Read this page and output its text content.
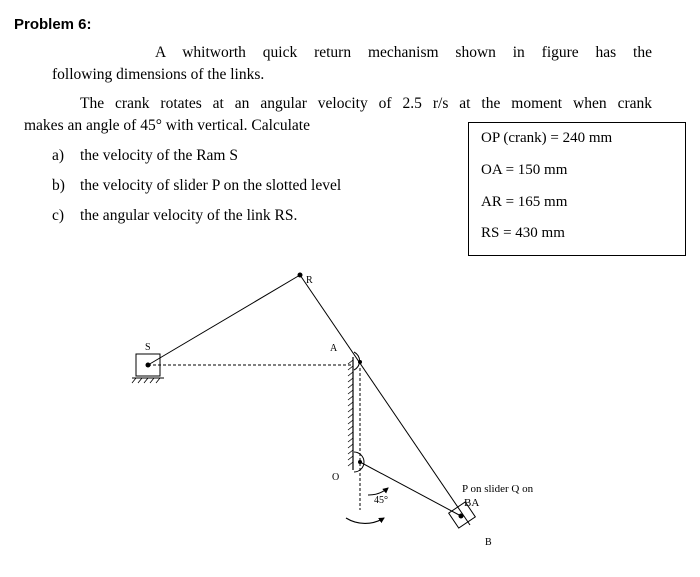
Problem 6:
A whitworth quick return mechanism shown in figure has the
following dimensions of the links.
The crank rotates at an angular velocity of 2.5 r/s at the moment when crank
makes an angle of 45° with vertical. Calculate
a) the velocity of the Ram S
b) the velocity of slider P on the slotted level
c) the angular velocity of the link RS.
OP (crank) = 240 mm
OA = 150 mm
AR = 165 mm
RS = 430 mm
R
S	A
O
45°
P on slider Q on
BA
B
